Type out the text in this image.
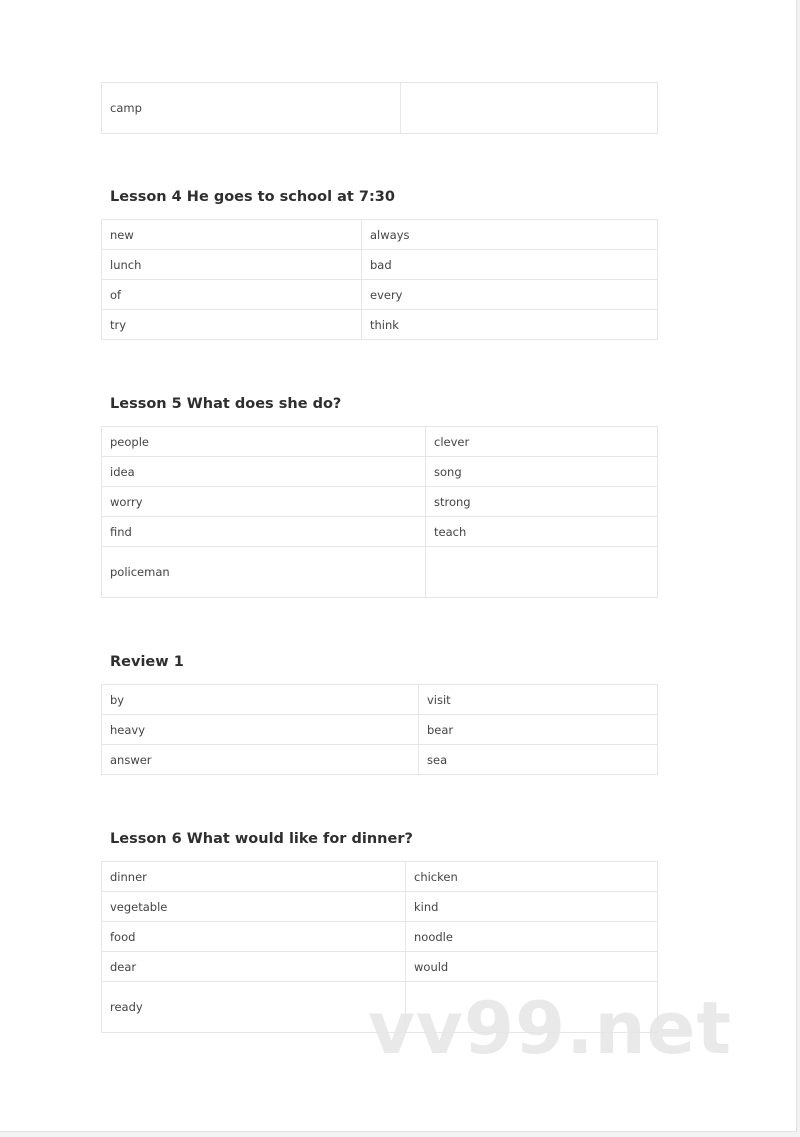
camp	
Lesson 4 He goes to school at 7:30
new	always
lunch	bad
of	every
try	think
Lesson 5 What does she do?
people	clever
idea	song
worry	strong
find	teach
policeman	
Review 1
by	visit
heavy	bear
answer	sea
Lesson 6 What would like for dinner?
dinner	chicken
vegetable	kind
food	noodle
dear	would
ready		vv99.net
